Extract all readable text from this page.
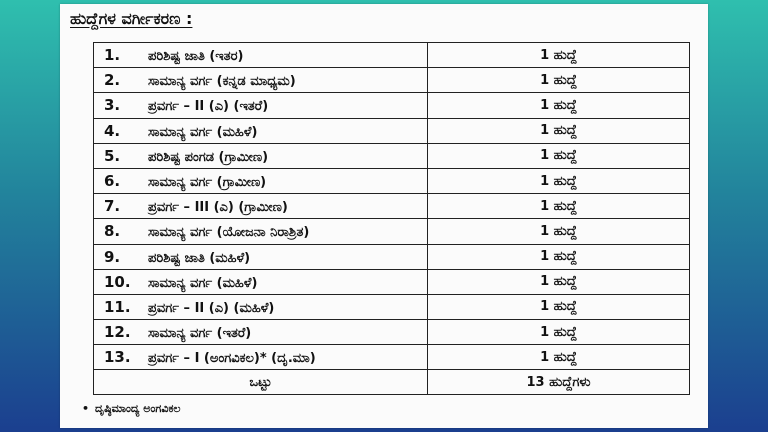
ಹುದ್ದೆಗಳ ವರ್ಗೀಕರಣ :
1. ಪರಿಶಿಷ್ಟ ಜಾತಿ (ಇತರ)	1 ಹುದ್ದೆ
2. ಸಾಮಾನ್ಯ ವರ್ಗ (ಕನ್ನಡ ಮಾಧ್ಯಮ)	1 ಹುದ್ದೆ
3. ಪ್ರವರ್ಗ – II (ಎ) (ಇತರೆ)	1 ಹುದ್ದೆ
4. ಸಾಮಾನ್ಯ ವರ್ಗ (ಮಹಿಳೆ)	1 ಹುದ್ದೆ
5. ಪರಿಶಿಷ್ಟ ಪಂಗಡ (ಗ್ರಾಮೀಣ)	1 ಹುದ್ದೆ
6. ಸಾಮಾನ್ಯ ವರ್ಗ (ಗ್ರಾಮೀಣ)	1 ಹುದ್ದೆ
7. ಪ್ರವರ್ಗ – III (ಎ) (ಗ್ರಾಮೀಣ)	1 ಹುದ್ದೆ
8. ಸಾಮಾನ್ಯ ವರ್ಗ (ಯೋಜನಾ ನಿರಾಶ್ರಿತ)	1 ಹುದ್ದೆ
9. ಪರಿಶಿಷ್ಟ ಜಾತಿ (ಮಹಿಳೆ)	1 ಹುದ್ದೆ
10. ಸಾಮಾನ್ಯ ವರ್ಗ (ಮಹಿಳೆ)	1 ಹುದ್ದೆ
11. ಪ್ರವರ್ಗ – II (ಎ) (ಮಹಿಳೆ)	1 ಹುದ್ದೆ
12. ಸಾಮಾನ್ಯ ವರ್ಗ (ಇತರೆ)	1 ಹುದ್ದೆ
13. ಪ್ರವರ್ಗ – I (ಅಂಗವಿಕಲ)* (ದೃ.ಮಾ)	1 ಹುದ್ದೆ
ಒಟ್ಟು	13 ಹುದ್ದೆಗಳು
• ದೃಷ್ಠಿಮಾಂದ್ಯ ಅಂಗವಿಕಲ
